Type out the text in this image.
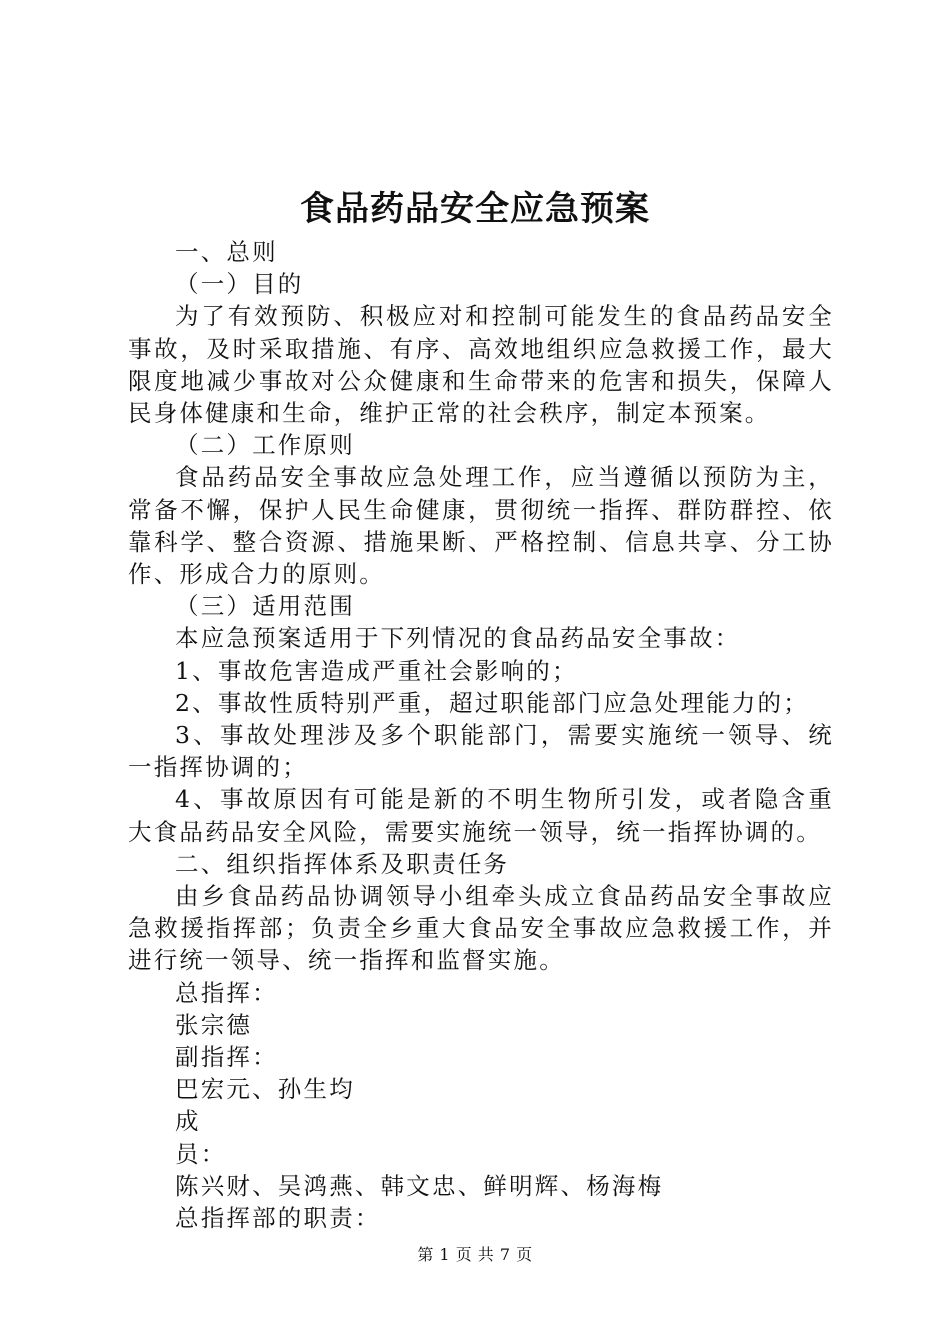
食品药品安全应急预案

一、总则

（一）目的

为了有效预防、积极应对和控制可能发生的食品药品安全事故，及时采取措施、有序、高效地组织应急救援工作，最大限度地减少事故对公众健康和生命带来的危害和损失，保障人民身体健康和生命，维护正常的社会秩序，制定本预案。

（二）工作原则

食品药品安全事故应急处理工作，应当遵循以预防为主，常备不懈，保护人民生命健康，贯彻统一指挥、群防群控、依靠科学、整合资源、措施果断、严格控制、信息共享、分工协作、形成合力的原则。

（三）适用范围

本应急预案适用于下列情况的食品药品安全事故：

1、事故危害造成严重社会影响的；

2、事故性质特别严重，超过职能部门应急处理能力的；

3、事故处理涉及多个职能部门，需要实施统一领导、统一指挥协调的；

4、事故原因有可能是新的不明生物所引发，或者隐含重大食品药品安全风险，需要实施统一领导，统一指挥协调的。

二、组织指挥体系及职责任务

由乡食品药品协调领导小组牵头成立食品药品安全事故应急救援指挥部；负责全乡重大食品安全事故应急救援工作，并进行统一领导、统一指挥和监督实施。

总指挥：

张宗德

副指挥：

巴宏元、孙生均

成

员：

陈兴财、吴鸿燕、韩文忠、鲜明辉、杨海梅

总指挥部的职责：

第 1 页 共 7 页
